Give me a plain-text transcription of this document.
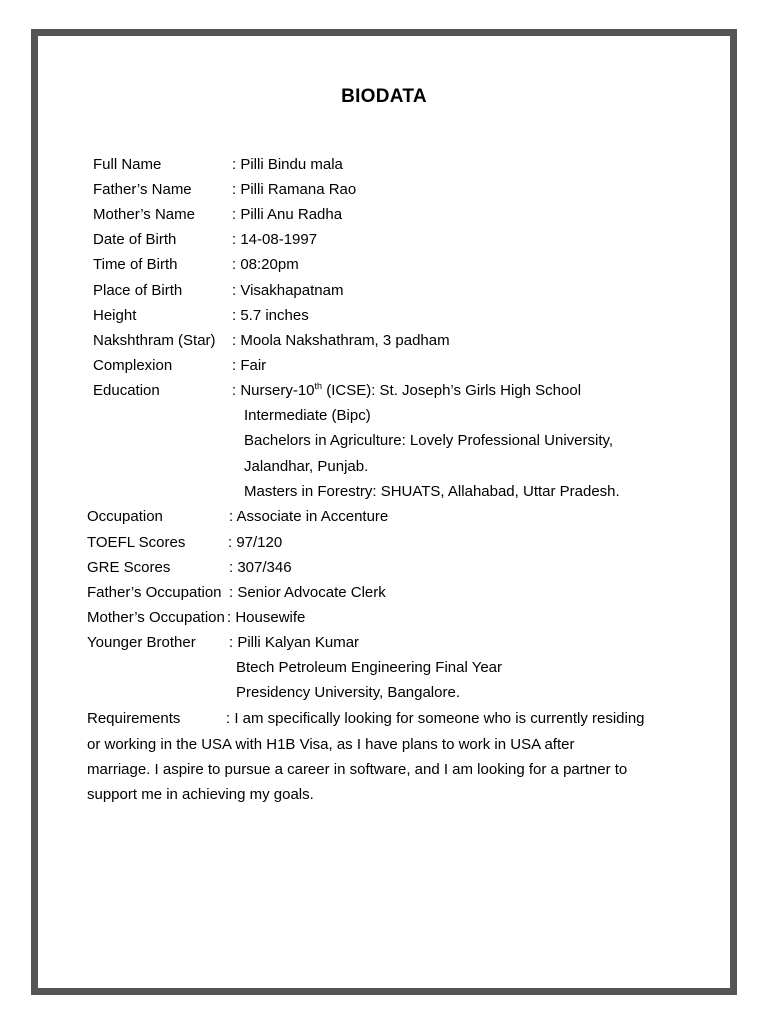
BIODATA
Full Name	: Pilli Bindu mala
Father’s Name	: Pilli Ramana Rao
Mother’s Name : Pilli Anu Radha
Date of Birth	: 14-08-1997
Time of Birth	: 08:20pm
Place of Birth	: Visakhapatnam
Height	: 5.7 inches
Nakshthram (Star) : Moola Nakshathram, 3 padham
Complexion	: Fair
Education	: Nursery-10th (ICSE): St. Joseph’s Girls High School
Intermediate (Bipc)
Bachelors in Agriculture: Lovely Professional University,
Jalandhar, Punjab.
Masters in Forestry: SHUATS, Allahabad, Uttar Pradesh.
Occupation	: Associate in Accenture
TOEFL Scores	: 97/120
GRE Scores	: 307/346
Father’s Occupation : Senior Advocate Clerk
Mother’s Occupation : Housewife
Younger Brother : Pilli Kalyan Kumar
Btech Petroleum Engineering Final Year
Presidency University, Bangalore.
Requirements	: I am specifically looking for someone who is currently residing
or working in the USA with H1B Visa, as I have plans to work in USA after
marriage. I aspire to pursue a career in software, and I am looking for a partner to
support me in achieving my goals.
